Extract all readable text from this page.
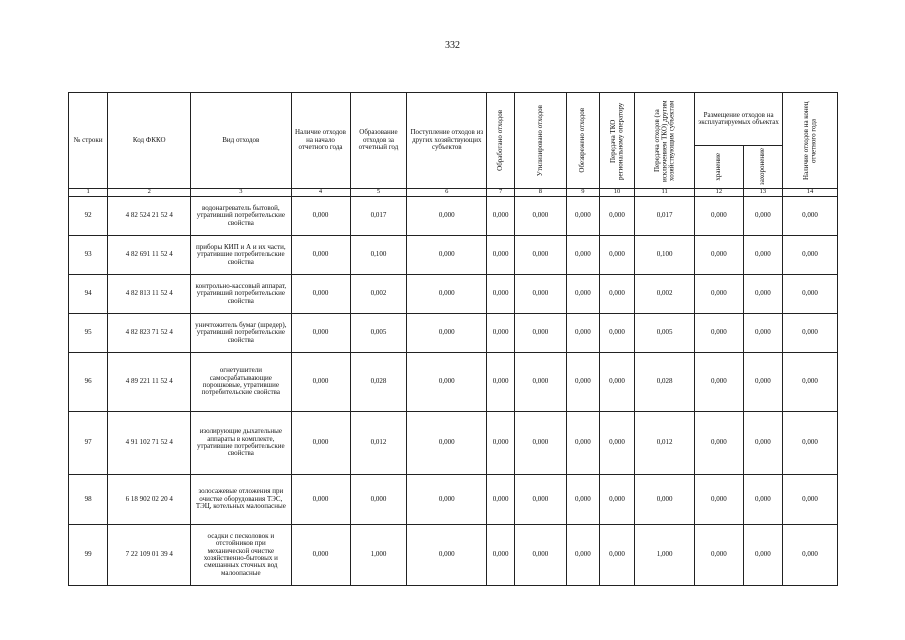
332
№ строки	Код ФККО	Вид отходов	Наличие отходов на начало отчетного года	Образование отходов за отчетный год	Поступление отходов из других хозяйствующих субъектов	Обработано отходов	Утилизировано отходов	Обезврежено отходов	Передача ТКО региональному оператору	Передача отходов (за исключением ТКО) другим хозяйствующим субъектам	Размещение отходов на эксплуатируемых объектах		Наличие отходов на конец отчетного года

											хранение	захоронение	

1	2	3	4	5	6	7	8	9	10	11	12	13	14
92	4 82 524 21 52 4	водонагреватель бытовой, утративший потребительские свойства	0,000	0,017	0,000	0,000	0,000	0,000	0,000	0,017	0,000	0,000	0,000
93	4 82 691 11 52 4	приборы КИП и А и их части, утратившие потребительские свойства	0,000	0,100	0,000	0,000	0,000	0,000	0,000	0,100	0,000	0,000	0,000
94	4 82 813 11 52 4	контрольно-кассовый аппарат, утративший потребительские свойства	0,000	0,002	0,000	0,000	0,000	0,000	0,000	0,002	0,000	0,000	0,000
95	4 82 823 71 52 4	уничтожитель бумаг (шредер), утративший потребительские свойства	0,000	0,005	0,000	0,000	0,000	0,000	0,000	0,005	0,000	0,000	0,000
96	4 89 221 11 52 4	огнетушители самосрабатывающие порошковые, утратившие потребительские свойства	0,000	0,028	0,000	0,000	0,000	0,000	0,000	0,028	0,000	0,000	0,000
97	4 91 102 71 52 4	изолирующие дыхательные аппараты в комплекте, утратившие потребительские свойства	0,000	0,012	0,000	0,000	0,000	0,000	0,000	0,012	0,000	0,000	0,000
98	6 18 902 02 20 4	золосажевые отложения при очистке оборудования ТЭС, ТЭЦ, котельных малоопасные	0,000	0,000	0,000	0,000	0,000	0,000	0,000	0,000	0,000	0,000	0,000
99	7 22 109 01 39 4	осадки с песколовок и отстойников при механической очистке хозяйственно-бытовых и смешанных сточных вод малоопасные	0,000	1,000	0,000	0,000	0,000	0,000	0,000	1,000	0,000	0,000	0,000
